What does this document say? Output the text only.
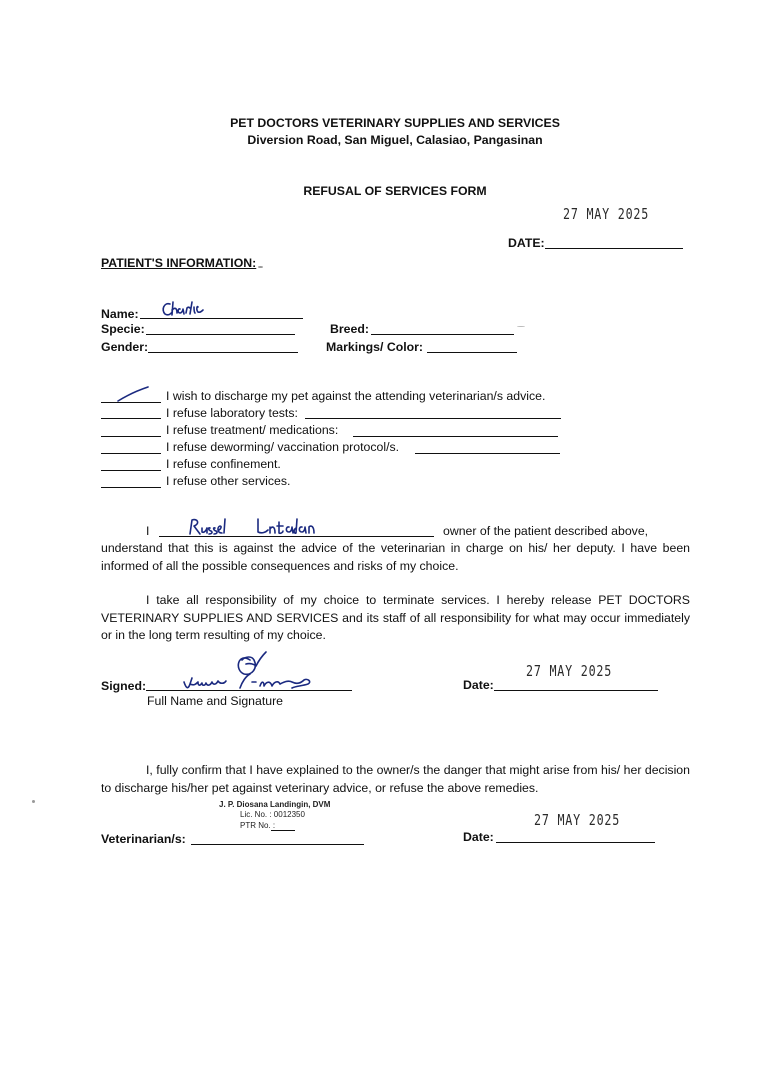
PET DOCTORS VETERINARY SUPPLIES AND SERVICES
Diversion Road, San Miguel, Calasiao, Pangasinan
REFUSAL OF SERVICES FORM
27 MAY 2025
DATE:
PATIENT'S INFORMATION:
Name:
Specie:	Breed:
Gender:	Markings/ Color:
I wish to discharge my pet against the attending veterinarian/s advice.
I refuse laboratory tests:
I refuse treatment/ medications:
I refuse deworming/ vaccination protocol/s.
I refuse confinement.
I refuse other services.
I	owner of the patient described above,
understand that this is against the advice of the veterinarian in charge on his/ her deputy. I have been informed of all the possible consequences and risks of my choice.
I take all responsibility of my choice to terminate services. I hereby release PET DOCTORS VETERINARY SUPPLIES AND SERVICES and its staff of all responsibility for what may occur immediately or in the long term resulting of my choice.
Signed:
Full Name and Signature
27 MAY 2025
Date:
I, fully confirm that I have explained to the owner/s the danger that might arise from his/ her decision to discharge his/her pet against veterinary advice, or refuse the above remedies.
J. P. Diosana Landingin, DVM
Lic. No. : 0012350
PTR No. :
Veterinarian/s:
27 MAY 2025
Date:
